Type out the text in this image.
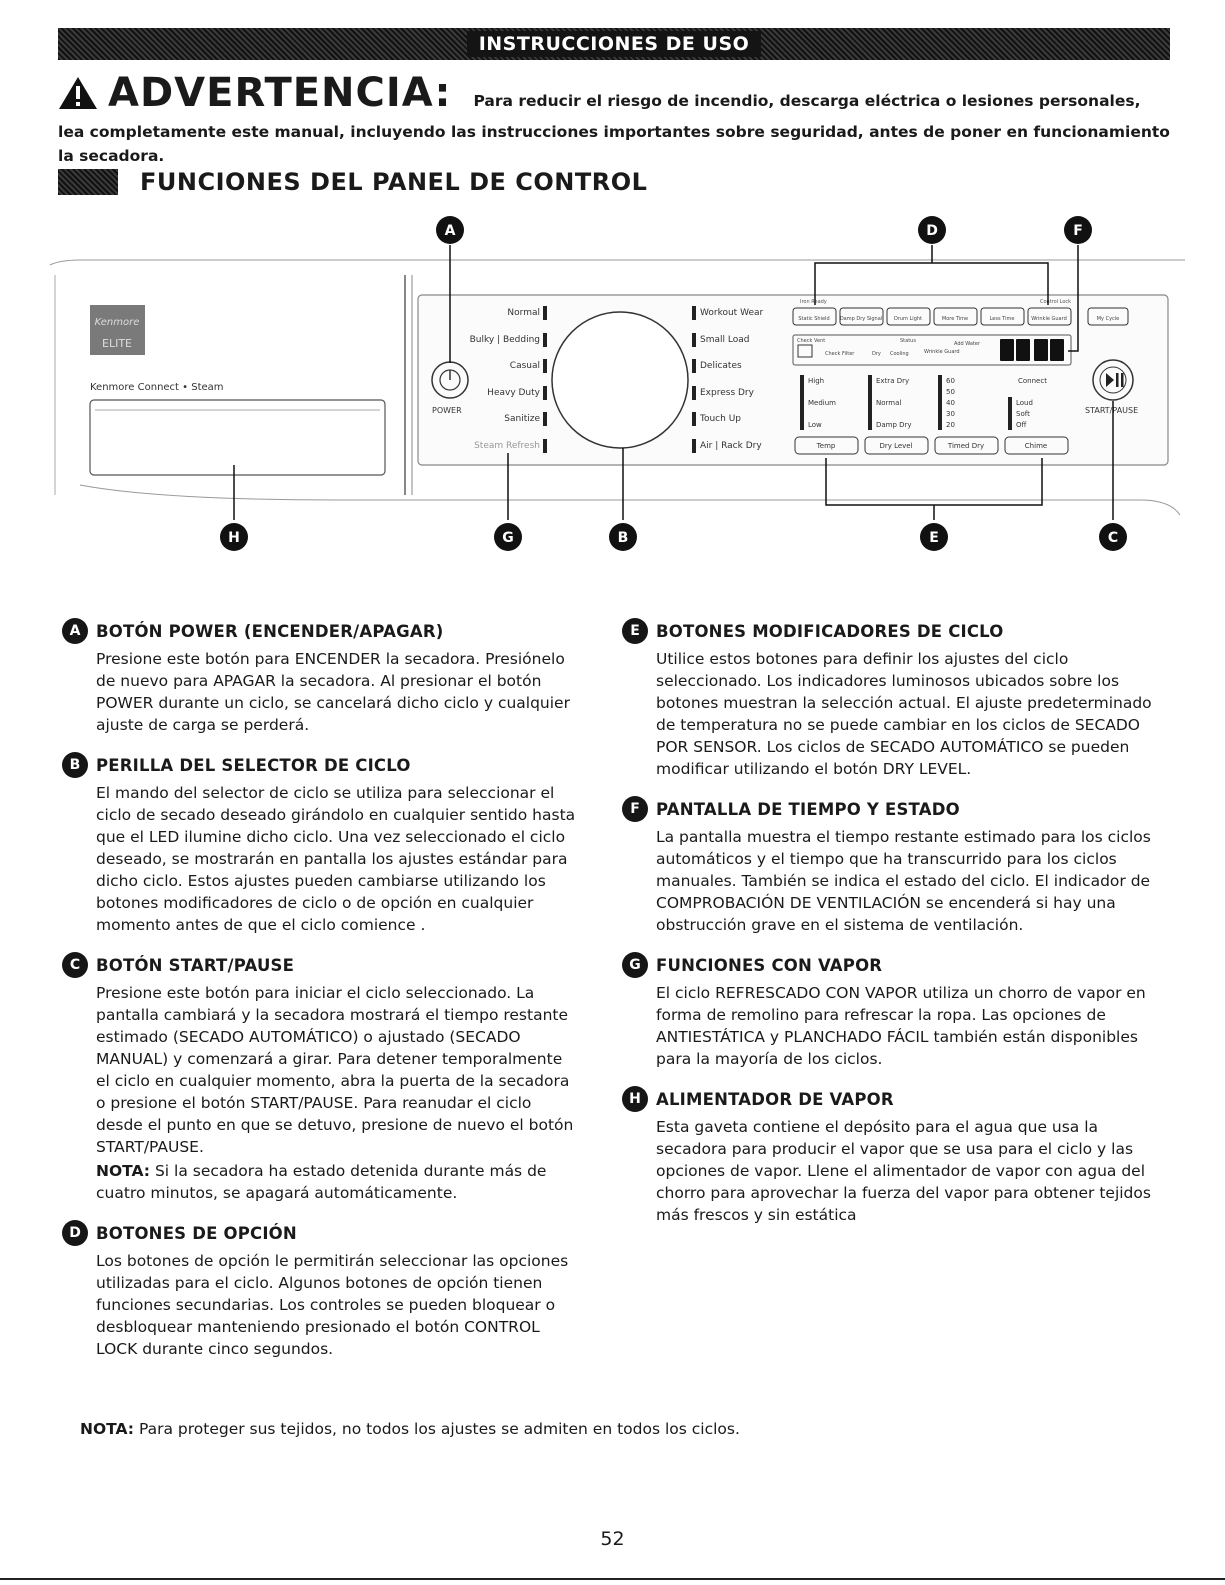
INSTRUCCIONES DE USO
ADVERTENCIA: Para reducir el riesgo de incendio, descarga eléctrica o lesiones personales,
lea completamente este manual, incluyendo las instrucciones importantes sobre seguridad, antes de poner en funcionamiento la secadora.
FUNCIONES DEL PANEL DE CONTROL
Kenmore
ELITE
Kenmore Connect • Steam
POWER
Normal
Bulky | Bedding
Casual
Heavy Duty
Sanitize
Steam Refresh
Workout Wear
Small Load
Delicates
Express Dry
Touch Up
Air | Rack Dry
Iron Ready	Control Lock
Static Shield Damp Dry Signal Drum Light	More Time	Less Time	Wrinkle Guard	My Cycle
Check Vent	Status
Check Filter	Dry Cooling	Wrinkle Guard
Add Water
START/PAUSE
High
Medium
Low
Extra Dry
Normal
Damp Dry
60
50
40
30
20
Connect
Loud
Soft
Off
Temp	Dry Level	Timed Dry	Chime
A	D	F
H	G	B	E	C
A BOTÓN POWER (ENCENDER/APAGAR)
Presione este botón para ENCENDER la secadora. Presiónelo de nuevo para APAGAR la secadora. Al presionar el botón POWER durante un ciclo, se cancelará dicho ciclo y cualquier ajuste de carga se perderá.
B PERILLA DEL SELECTOR DE CICLO
El mando del selector de ciclo se utiliza para seleccionar el ciclo de secado deseado girándolo en cualquier sentido hasta que el LED ilumine dicho ciclo. Una vez seleccionado el ciclo deseado, se mostrarán en pantalla los ajustes estándar para dicho ciclo. Estos ajustes pueden cambiarse utilizando los botones modificadores de ciclo o de opción en cualquier momento antes de que el ciclo comience .
C BOTÓN START/PAUSE
Presione este botón para iniciar el ciclo seleccionado. La pantalla cambiará y la secadora mostrará el tiempo restante estimado (SECADO AUTOMÁTICO) o ajustado (SECADO MANUAL) y comenzará a girar. Para detener temporalmente el ciclo en cualquier momento, abra la puerta de la secadora o presione el botón START/PAUSE. Para reanudar el ciclo desde el punto en que se detuvo, presione de nuevo el botón START/PAUSE.
NOTA: Si la secadora ha estado detenida durante más de cuatro minutos, se apagará automáticamente.
D BOTONES DE OPCIÓN
Los botones de opción le permitirán seleccionar las opciones utilizadas para el ciclo. Algunos botones de opción tienen funciones secundarias. Los controles se pueden bloquear o desbloquear manteniendo presionado el botón CONTROL LOCK durante cinco segundos.
E BOTONES MODIFICADORES DE CICLO
Utilice estos botones para definir los ajustes del ciclo seleccionado. Los indicadores luminosos ubicados sobre los botones muestran la selección actual. El ajuste predeterminado de temperatura no se puede cambiar en los ciclos de SECADO POR SENSOR. Los ciclos de SECADO AUTOMÁTICO se pueden modificar utilizando el botón DRY LEVEL.
F PANTALLA DE TIEMPO Y ESTADO
La pantalla muestra el tiempo restante estimado para los ciclos automáticos y el tiempo que ha transcurrido para los ciclos manuales. También se indica el estado del ciclo. El indicador de COMPROBACIÓN DE VENTILACIÓN se encenderá si hay una obstrucción grave en el sistema de ventilación.
G FUNCIONES CON VAPOR
El ciclo REFRESCADO CON VAPOR utiliza un chorro de vapor en forma de remolino para refrescar la ropa. Las opciones de ANTIESTÁTICA y PLANCHADO FÁCIL también están disponibles para la mayoría de los ciclos.
H ALIMENTADOR DE VAPOR
Esta gaveta contiene el depósito para el agua que usa la secadora para producir el vapor que se usa para el ciclo y las opciones de vapor. Llene el alimentador de vapor con agua del chorro para aprovechar la fuerza del vapor para obtener tejidos más frescos y sin estática
NOTA: Para proteger sus tejidos, no todos los ajustes se admiten en todos los ciclos.
52
